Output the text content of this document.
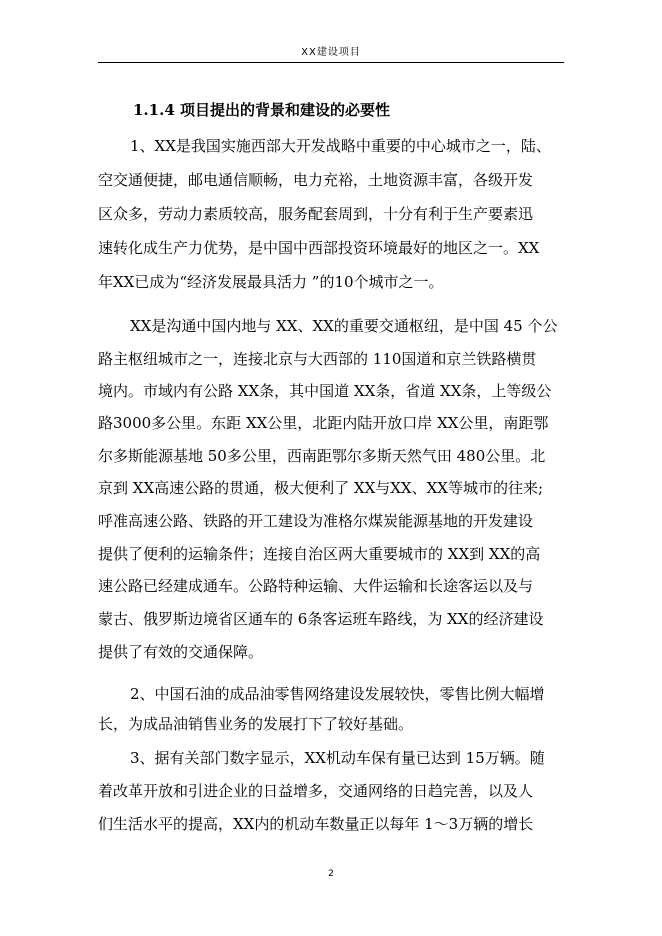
XX建设项目
1.1.4 项目提出的背景和建设的必要性
1、XX是我国实施西部大开发战略中重要的中心城市之一，陆、
空交通便捷，邮电通信顺畅，电力充裕，土地资源丰富，各级开发
区众多，劳动力素质较高，服务配套周到，十分有利于生产要素迅
速转化成生产力优势，是中国中西部投资环境最好的地区之一。XX
年XX已成为“经济发展最具活力 ”的10个城市之一。
XX是沟通中国内地与 XX、XX的重要交通枢纽，是中国 45 个公
路主枢纽城市之一，连接北京与大西部的 110国道和京兰铁路横贯
境内。市域内有公路 XX条，其中国道 XX条，省道 XX条，上等级公
路3000多公里。东距 XX公里，北距内陆开放口岸 XX公里，南距鄂
尔多斯能源基地 50多公里，西南距鄂尔多斯天然气田 480公里。北
京到 XX高速公路的贯通，极大便利了 XX与XX、XX等城市的往来;
呼准高速公路、铁路的开工建设为准格尔煤炭能源基地的开发建设
提供了便利的运输条件；连接自治区两大重要城市的 XX到 XX的高
速公路已经建成通车。公路特种运输、大件运输和长途客运以及与
蒙古、俄罗斯边境省区通车的 6条客运班车路线，为 XX的经济建设
提供了有效的交通保障。
2、中国石油的成品油零售网络建设发展较快，零售比例大幅增
长，为成品油销售业务的发展打下了较好基础。
3、据有关部门数字显示，XX机动车保有量已达到 15万辆。随
着改革开放和引进企业的日益增多，交通网络的日趋完善，以及人
们生活水平的提高，XX内的机动车数量正以每年 1～3万辆的增长
2
